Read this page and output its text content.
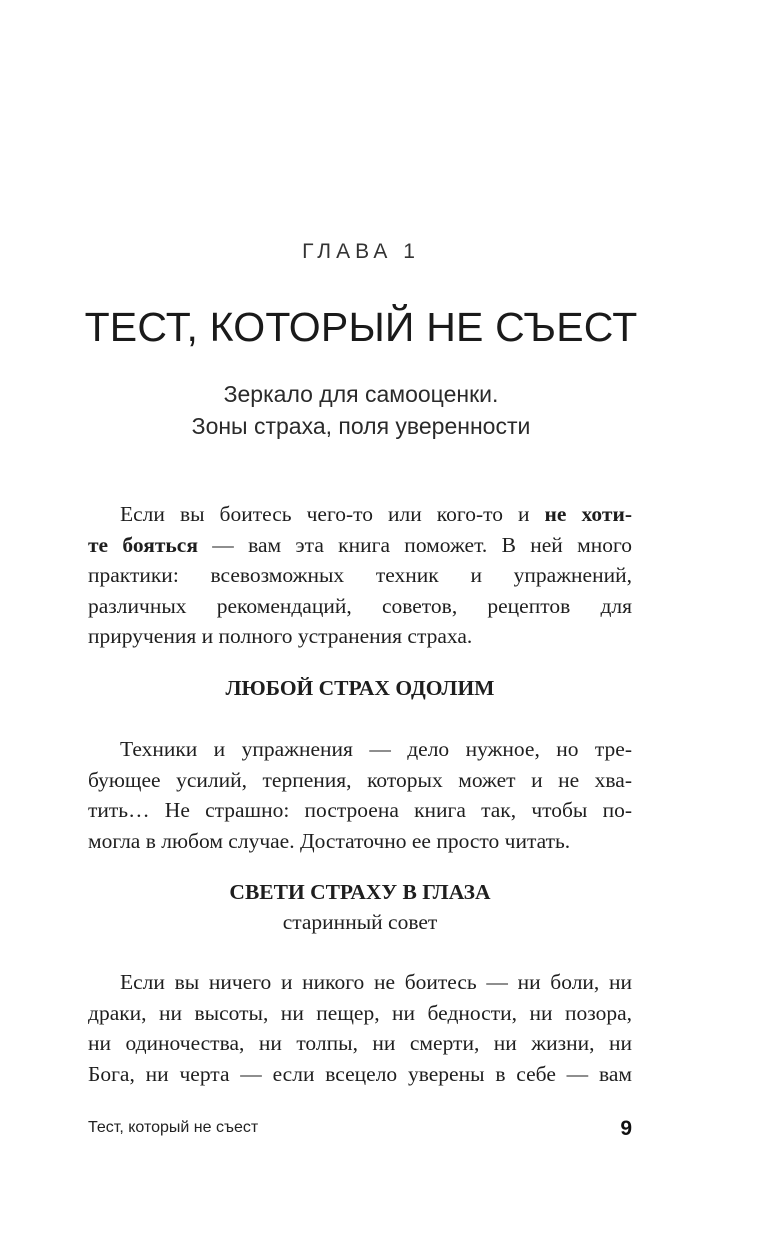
ГЛАВА 1

ТЕСТ, КОТОРЫЙ НЕ СЪЕСТ
Зеркало для самооценки.
Зоны страха, поля уверенности
Если вы боитесь чего-то или кого-то и не хоти-
те бояться — вам эта книга поможет. В ней много
практики: всевозможных техник и упражнений,
различных рекомендаций, советов, рецептов для
приручения и полного устранения страха.
ЛЮБОЙ СТРАХ ОДОЛИМ
Техники и упражнения — дело нужное, но тре-
бующее усилий, терпения, которых может и не хва-
тить… Не страшно: построена книга так, чтобы по-
могла в любом случае. Достаточно ее просто читать.
СВЕТИ СТРАХУ В ГЛАЗА

старинный совет

Если вы ничего и никого не боитесь — ни боли, ни
драки, ни высоты, ни пещер, ни бедности, ни позора,
ни одиночества, ни толпы, ни смерти, ни жизни, ни
Бога, ни черта — если всецело уверены в себе — вам

Тест, который не съест	9
